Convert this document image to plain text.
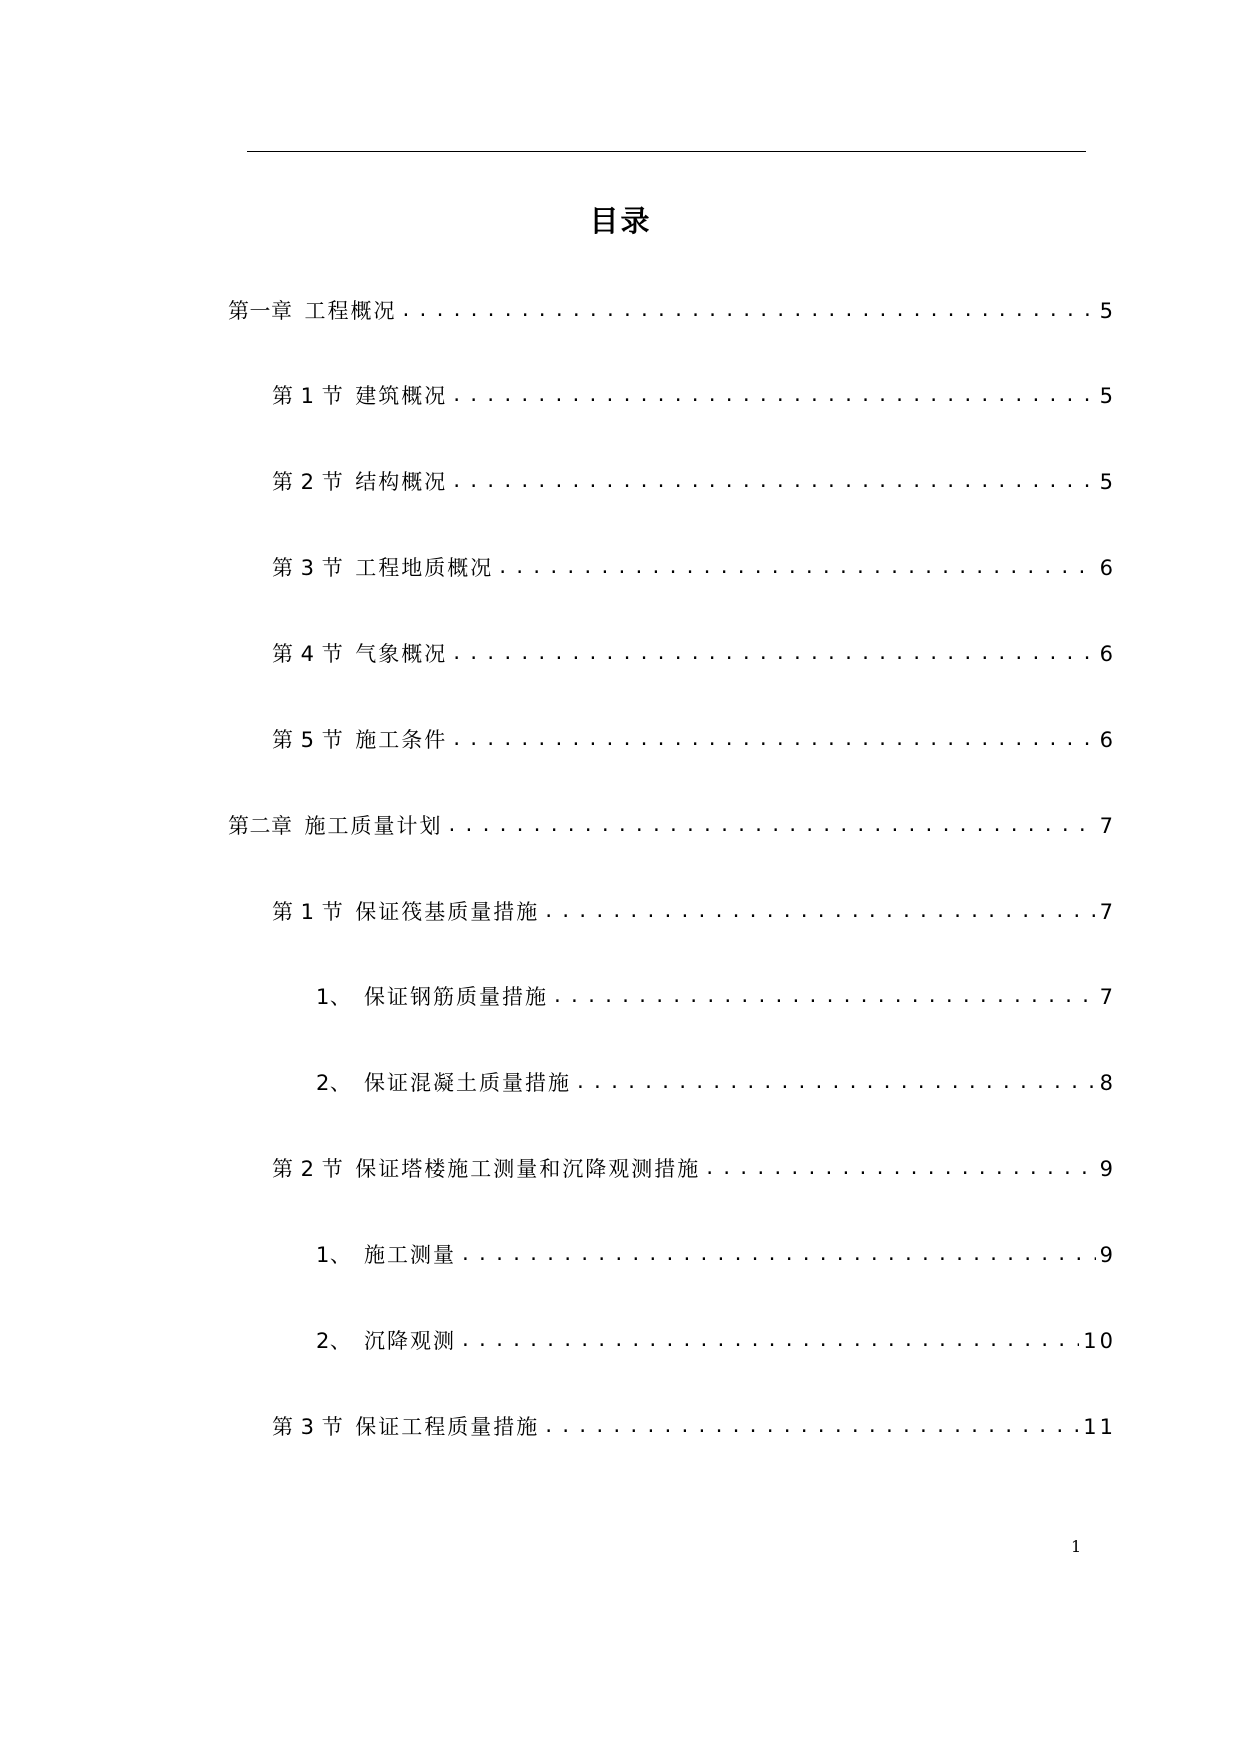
目录
第一章 工程概况 .....	5
第 1 节 建筑概况 .....	5
第 2 节 结构概况 .....	5
第 3 节 工程地质概况 .....	6
第 4 节 气象概况 .....	6
第 5 节 施工条件 .....	6
第二章 施工质量计划 .....	7
第 1 节 保证筏基质量措施 .....	7
1、 保证钢筋质量措施 .....	7
2、 保证混凝土质量措施 .....	8
第 2 节 保证塔楼施工测量和沉降观测措施 .....	9
1、 施工测量 .....	9
2、 沉降观测 .....	10
第 3 节 保证工程质量措施 .....	11
1
